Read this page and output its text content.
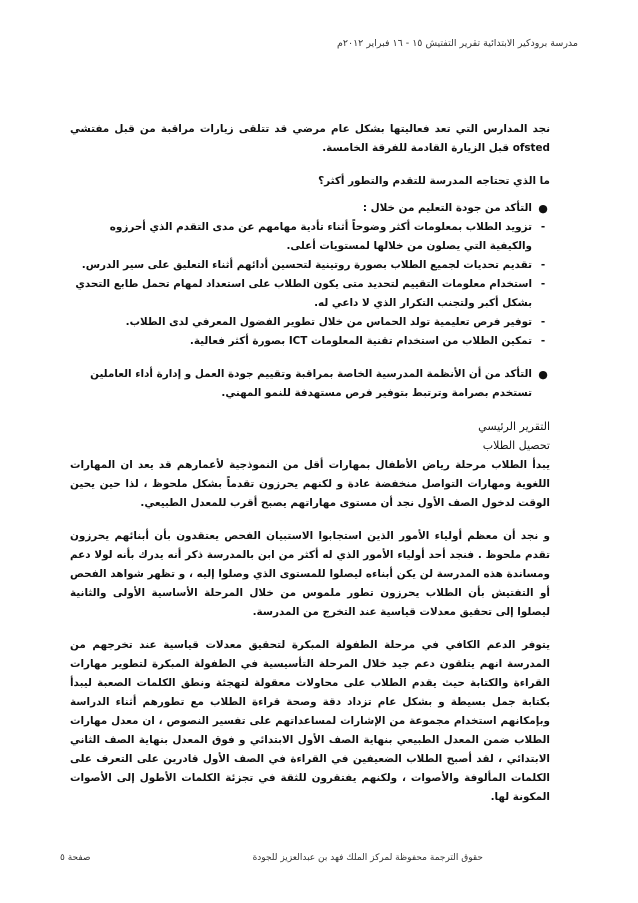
مدرسة برودكير الابتدائية تقرير التفتيش ١٥ - ١٦ فبراير ٢٠١٢م

نجد المدارس التي تعد فعاليتها بشكل عام مرضي قد تتلقى زيارات مراقبة من قبل مفتشي ofsted قبل الزيارة القادمة للفرقة الخامسة.

ما الذي تحتاجه المدرسة للتقدم والتطور أكثر؟

●
التأكد من جودة التعليم من خلال :
-
تزويد الطلاب بمعلومات أكثر وضوحاً أثناء تأدية مهامهم عن مدى التقدم الذي أحرزوه والكيفية التي يصلون من خلالها لمستويات أعلى.
-
تقديم تحديات لجميع الطلاب بصورة روتينية لتحسين أدائهم أثناء التعليق على سير الدرس.
-
استخدام معلومات التقييم لتحديد متى يكون الطلاب على استعداد لمهام تحمل طابع التحدي بشكل أكبر ولتجنب التكرار الذي لا داعي له.
-
توفير فرص تعليمية تولد الحماس من خلال تطوير الفضول المعرفي لدى الطلاب.
-
تمكين الطلاب من استخدام تقنية المعلومات ICT بصورة أكثر فعالية.
●
التأكد من أن الأنظمة المدرسية الخاصة بمراقبة وتقييم جودة العمل و إدارة أداء العاملين تستخدم بصرامة وترتبط بتوفير فرص مستهدفة للنمو المهني.

التقرير الرئيسي

تحصيل الطلاب

يبدأ الطلاب مرحلة رياض الأطفال بمهارات أقل من النموذجية لأعمارهم قد يعد ان المهارات اللغوية ومهارات التواصل منخفضة عادة و لكنهم يحرزون تقدماً بشكل ملحوظ ، لذا حين يحين الوقت لدخول الصف الأول نجد أن مستوى مهاراتهم يصبح أقرب للمعدل الطبيعي.

و نجد أن معظم أولياء الأمور الذين استجابوا الاستبيان الفحص يعتقدون بأن أبنائهم يحرزون تقدم ملحوظ . فنجد أحد أولياء الأمور الذي له أكثر من ابن بالمدرسة ذكر أنه يدرك بأنه لولا دعم ومساندة هذه المدرسة لن يكن أبناءه ليصلوا للمستوى الذي وصلوا إليه ، و تظهر شواهد الفحص أو التفتيش بأن الطلاب يحرزون تطور ملموس من خلال المرحلة الأساسية الأولى والثانية ليصلوا إلى تحقيق معدلات قياسية عند التخرج من المدرسة.

يتوفر الدعم الكافي في مرحلة الطفولة المبكرة لتحقيق معدلات قياسية عند تخرجهم من المدرسة انهم يتلقون دعم جيد خلال المرحلة التأسيسية في الطفولة المبكرة لتطوير مهارات القراءة والكتابة حيث يقدم الطلاب على محاولات معقولة لتهجئة ونطق الكلمات الصعبة ليبدأ بكتابة جمل بسيطة و بشكل عام تزداد دقة وصحة قراءة الطلاب مع تطورهم أثناء الدراسة وبإمكانهم استخدام مجموعة من الإشارات لمساعداتهم على تفسير النصوص ، ان معدل مهارات الطلاب ضمن المعدل الطبيعي بنهاية الصف الأول الابتدائي و فوق المعدل بنهاية الصف الثاني الابتدائي ، لقد أصبح الطلاب الضعيفين في القراءة في الصف الأول قادرين على التعرف على الكلمات المألوفة والأصوات ، ولكنهم يفتقرون للثقة في تجزئة الكلمات الأطول إلى الأصوات المكونة لها.

صفحة ٥	حقوق الترجمة محفوظة لمركز الملك فهد بن عبدالعزيز للجودة
